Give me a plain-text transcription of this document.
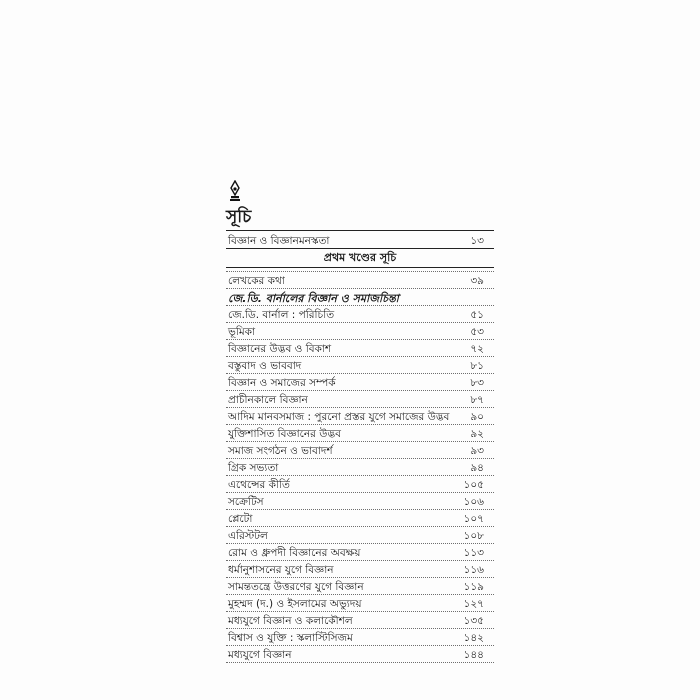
সূচি
বিজ্ঞান ও বিজ্ঞানমনস্কতা	১৩
প্রথম খণ্ডের সূচি
লেখকের কথা	৩৯
জে.ডি. বার্নালের বিজ্ঞান ও সমাজচিন্তা
জে.ডি. বার্নাল : পরিচিতি	৫১
ভূমিকা	৫৩
বিজ্ঞানের উদ্ভব ও বিকাশ	৭২
বস্তুবাদ ও ভাববাদ	৮১
বিজ্ঞান ও সমাজের সম্পর্ক	৮৩
প্রাচীনকালে বিজ্ঞান	৮৭
আদিম মানবসমাজ : পুরনো প্রস্তর যুগে সমাজের উদ্ভব ৯০
যুক্তিশাসিত বিজ্ঞানের উদ্ভব	৯২
সমাজ সংগঠন ও ভাবাদর্শ	৯৩
গ্রিক সভ্যতা	৯৪
এথেন্সের কীর্তি	১০৫
সক্রেটিস	১০৬
প্লেটো	১০৭
এরিস্টটল	১০৮
রোম ও ধ্রুপদী বিজ্ঞানের অবক্ষয়	১১৩
ধর্মানুশাসনের যুগে বিজ্ঞান	১১৬
সামন্ততন্ত্রে উত্তরণের যুগে বিজ্ঞান	১১৯
মুহম্মদ (দ.) ও ইসলামের অভ্যুদয়	১২৭
মধ্যযুগে বিজ্ঞান ও কলাকৌশল	১৩৫
বিশ্বাস ও যুক্তি : স্কলাস্টিসিজম	১৪২
মধ্যযুগে বিজ্ঞান	১৪৪
